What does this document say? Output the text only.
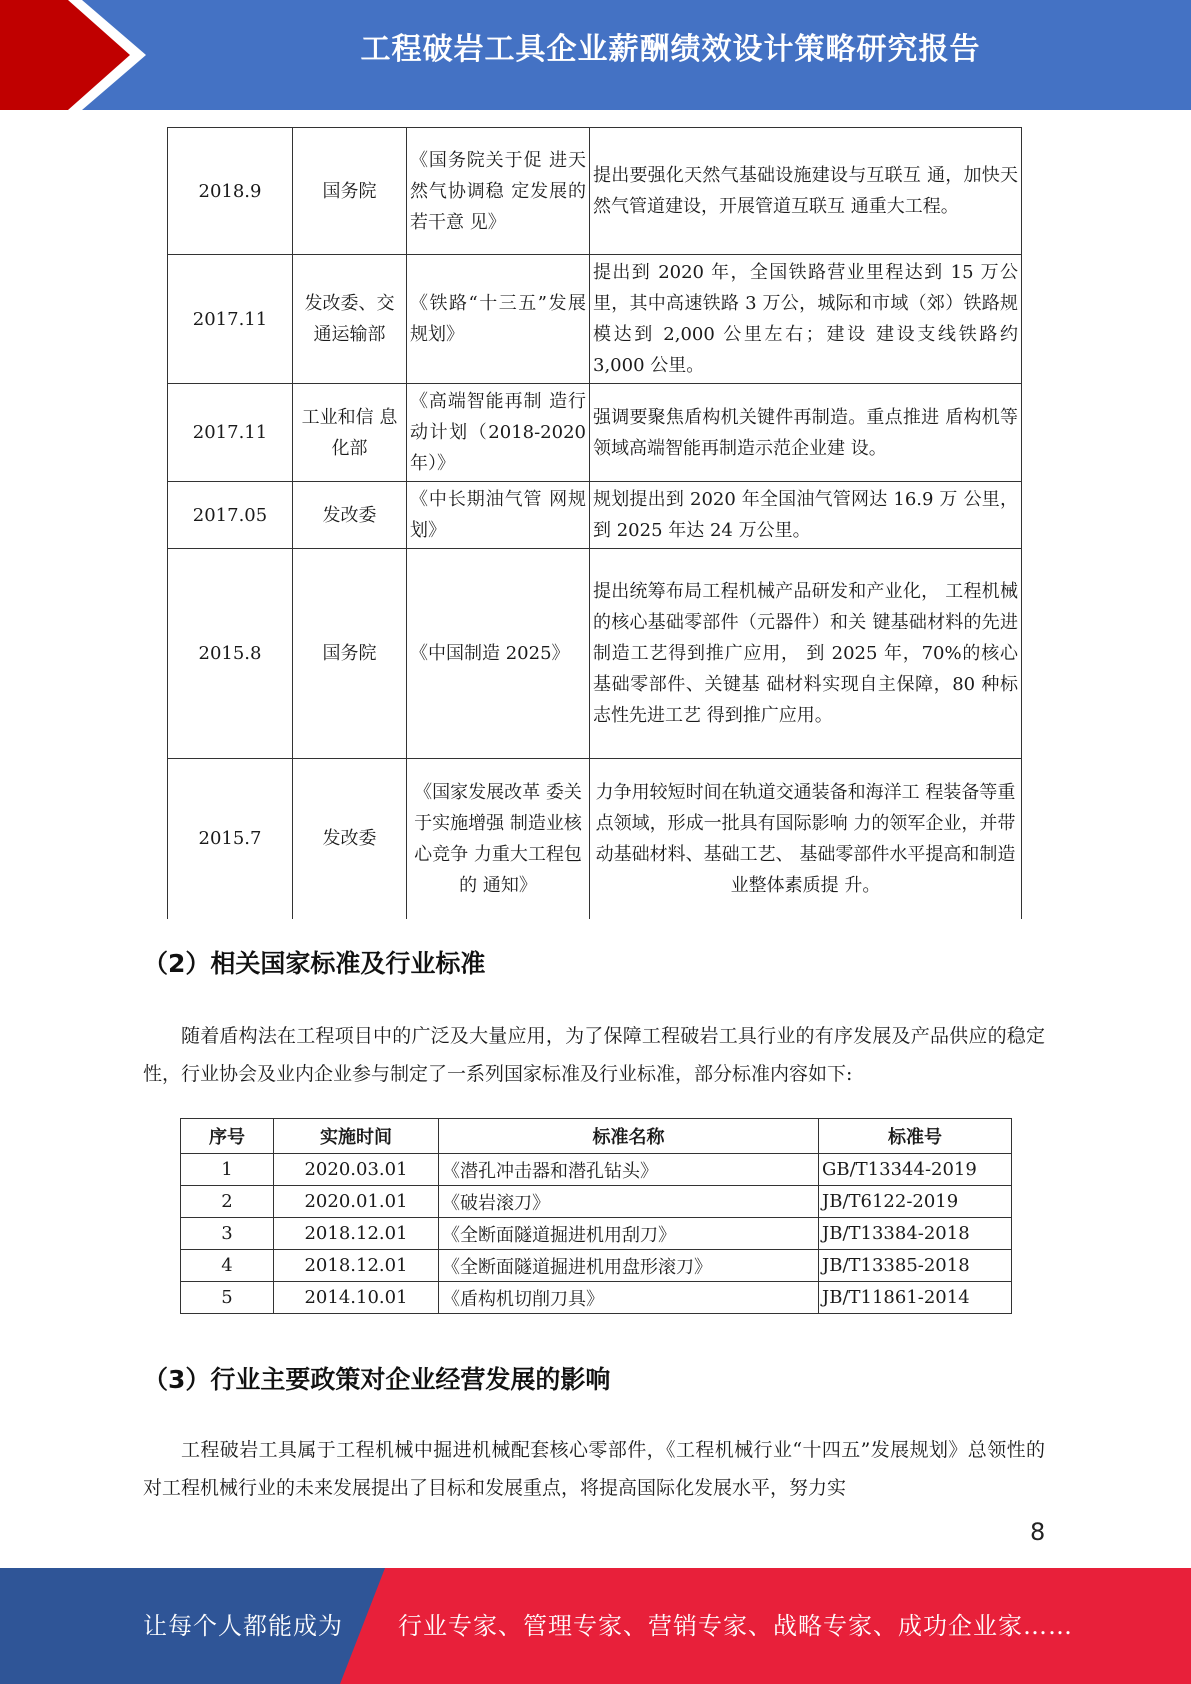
工程破岩工具企业薪酬绩效设计策略研究报告
2018.9	国务院	《国务院关于促 进天然气协调稳 定发展的若干意 见》	提出要强化天然气基础设施建设与互联互 通，加快天然气管道建设，开展管道互联互 通重大工程。
2017.11	发改委、交通运输部	《铁路“十三五”发展规划》	提出到 2020 年，全国铁路营业里程达到 15 万公里，其中高速铁路 3 万公，城际和市域（郊）铁路规模达到 2,000 公里左右；建设 建设支线铁路约 3,000 公里。
2017.11	工业和信 息化部	《高端智能再制 造行动计划（2018-2020 年）》	强调要聚焦盾构机关键件再制造。重点推进 盾构机等领域高端智能再制造示范企业建 设。
2017.05	发改委	《中长期油气管 网规划》	规划提出到 2020 年全国油气管网达 16.9 万 公里，到 2025 年达 24 万公里。
2015.8	国务院	《中国制造 2025》	提出统筹布局工程机械产品研发和产业化， 工程机械的核心基础零部件（元器件）和关 键基础材料的先进制造工艺得到推广应用， 到 2025 年，70%的核心基础零部件、关键基 础材料实现自主保障，80 种标志性先进工艺 得到推广应用。
2015.7	发改委	《国家发展改革 委关于实施增强 制造业核心竞争 力重大工程包的 通知》	力争用较短时间在轨道交通装备和海洋工 程装备等重点领域，形成一批具有国际影响 力的领军企业，并带动基础材料、基础工艺、 基础零部件水平提高和制造业整体素质提 升。
（2）相关国家标准及行业标准

随着盾构法在工程项目中的广泛及大量应用，为了保障工程破岩工具行业的有序发展及产品供应的稳定性，行业协会及业内企业参与制定了一系列国家标准及行业标准，部分标准内容如下:

序号	实施时间	标准名称	标准号
1	2020.03.01	《潜孔冲击器和潜孔钻头》	GB/T13344-2019
2	2020.01.01	《破岩滚刀》	JB/T6122-2019
3	2018.12.01	《全断面隧道掘进机用刮刀》	JB/T13384-2018
4	2018.12.01	《全断面隧道掘进机用盘形滚刀》	JB/T13385-2018
5	2014.10.01	《盾构机切削刀具》	JB/T11861-2014
（3）行业主要政策对企业经营发展的影响

工程破岩工具属于工程机械中掘进机械配套核心零部件，《工程机械行业“十四五”发展规划》总领性的对工程机械行业的未来发展提出了目标和发展重点，将提高国际化发展水平，努力实

8
让每个人都能成为 行业专家、管理专家、营销专家、战略专家、成功企业家……
